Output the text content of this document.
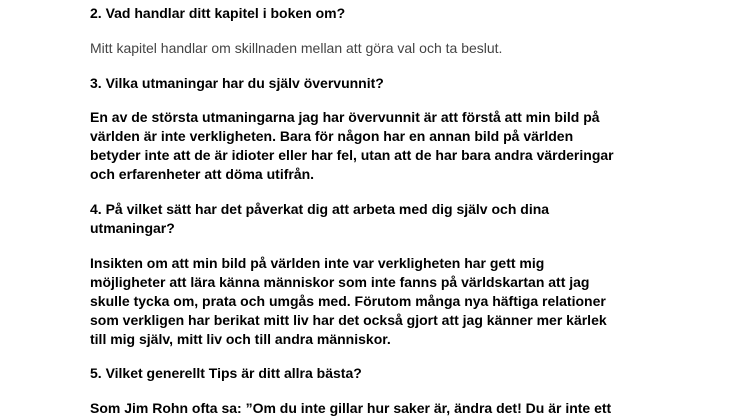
2. Vad handlar ditt kapitel i boken om?

Mitt kapitel handlar om skillnaden mellan att göra val och ta beslut.

3. Vilka utmaningar har du själv övervunnit?

En av de största utmaningarna jag har övervunnit är att förstå att min bild på
världen är inte verkligheten. Bara för någon har en annan bild på världen
betyder inte att de är idioter eller har fel, utan att de har bara andra värderingar
och erfarenheter att döma utifrån.
4. På vilket sätt har det påverkat dig att arbeta med dig själv och dina
utmaningar?
Insikten om att min bild på världen inte var verkligheten har gett mig
möjligheter att lära känna människor som inte fanns på världskartan att jag
skulle tycka om, prata och umgås med. Förutom många nya häftiga relationer
som verkligen har berikat mitt liv har det också gjort att jag känner mer kärlek
till mig själv, mitt liv och till andra människor.

5. Vilket generellt Tips är ditt allra bästa?

Som Jim Rohn ofta sa: ”Om du inte gillar hur saker är, ändra det! Du är inte ett
